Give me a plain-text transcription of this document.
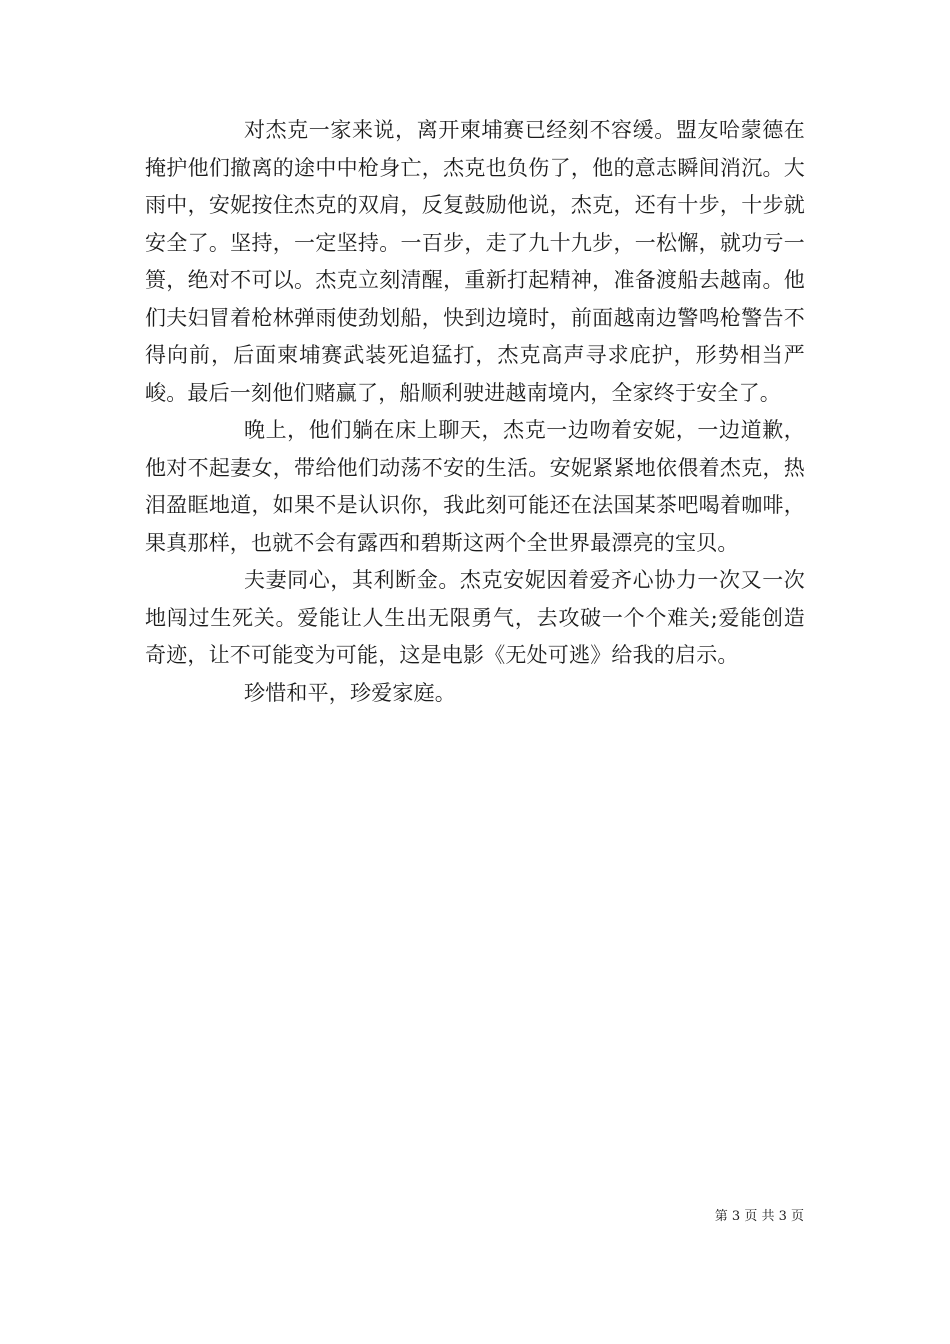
对杰克一家来说，离开柬埔赛已经刻不容缓。盟友哈蒙德在掩护他们撤离的途中中枪身亡，杰克也负伤了，他的意志瞬间消沉。大雨中，安妮按住杰克的双肩，反复鼓励他说，杰克，还有十步，十步就安全了。坚持，一定坚持。一百步，走了九十九步，一松懈，就功亏一篑，绝对不可以。杰克立刻清醒，重新打起精神，准备渡船去越南。他们夫妇冒着枪林弹雨使劲划船，快到边境时，前面越南边警鸣枪警告不得向前，后面柬埔赛武装死追猛打，杰克高声寻求庇护，形势相当严峻。最后一刻他们赌赢了，船顺利驶进越南境内，全家终于安全了。

晚上，他们躺在床上聊天，杰克一边吻着安妮，一边道歉，他对不起妻女，带给他们动荡不安的生活。安妮紧紧地依偎着杰克，热泪盈眶地道，如果不是认识你，我此刻可能还在法国某茶吧喝着咖啡，果真那样，也就不会有露西和碧斯这两个全世界最漂亮的宝贝。

夫妻同心，其利断金。杰克安妮因着爱齐心协力一次又一次地闯过生死关。爱能让人生出无限勇气，去攻破一个个难关;爱能创造奇迹，让不可能变为可能，这是电影《无处可逃》给我的启示。

珍惜和平，珍爱家庭。

第 3 页 共 3 页
